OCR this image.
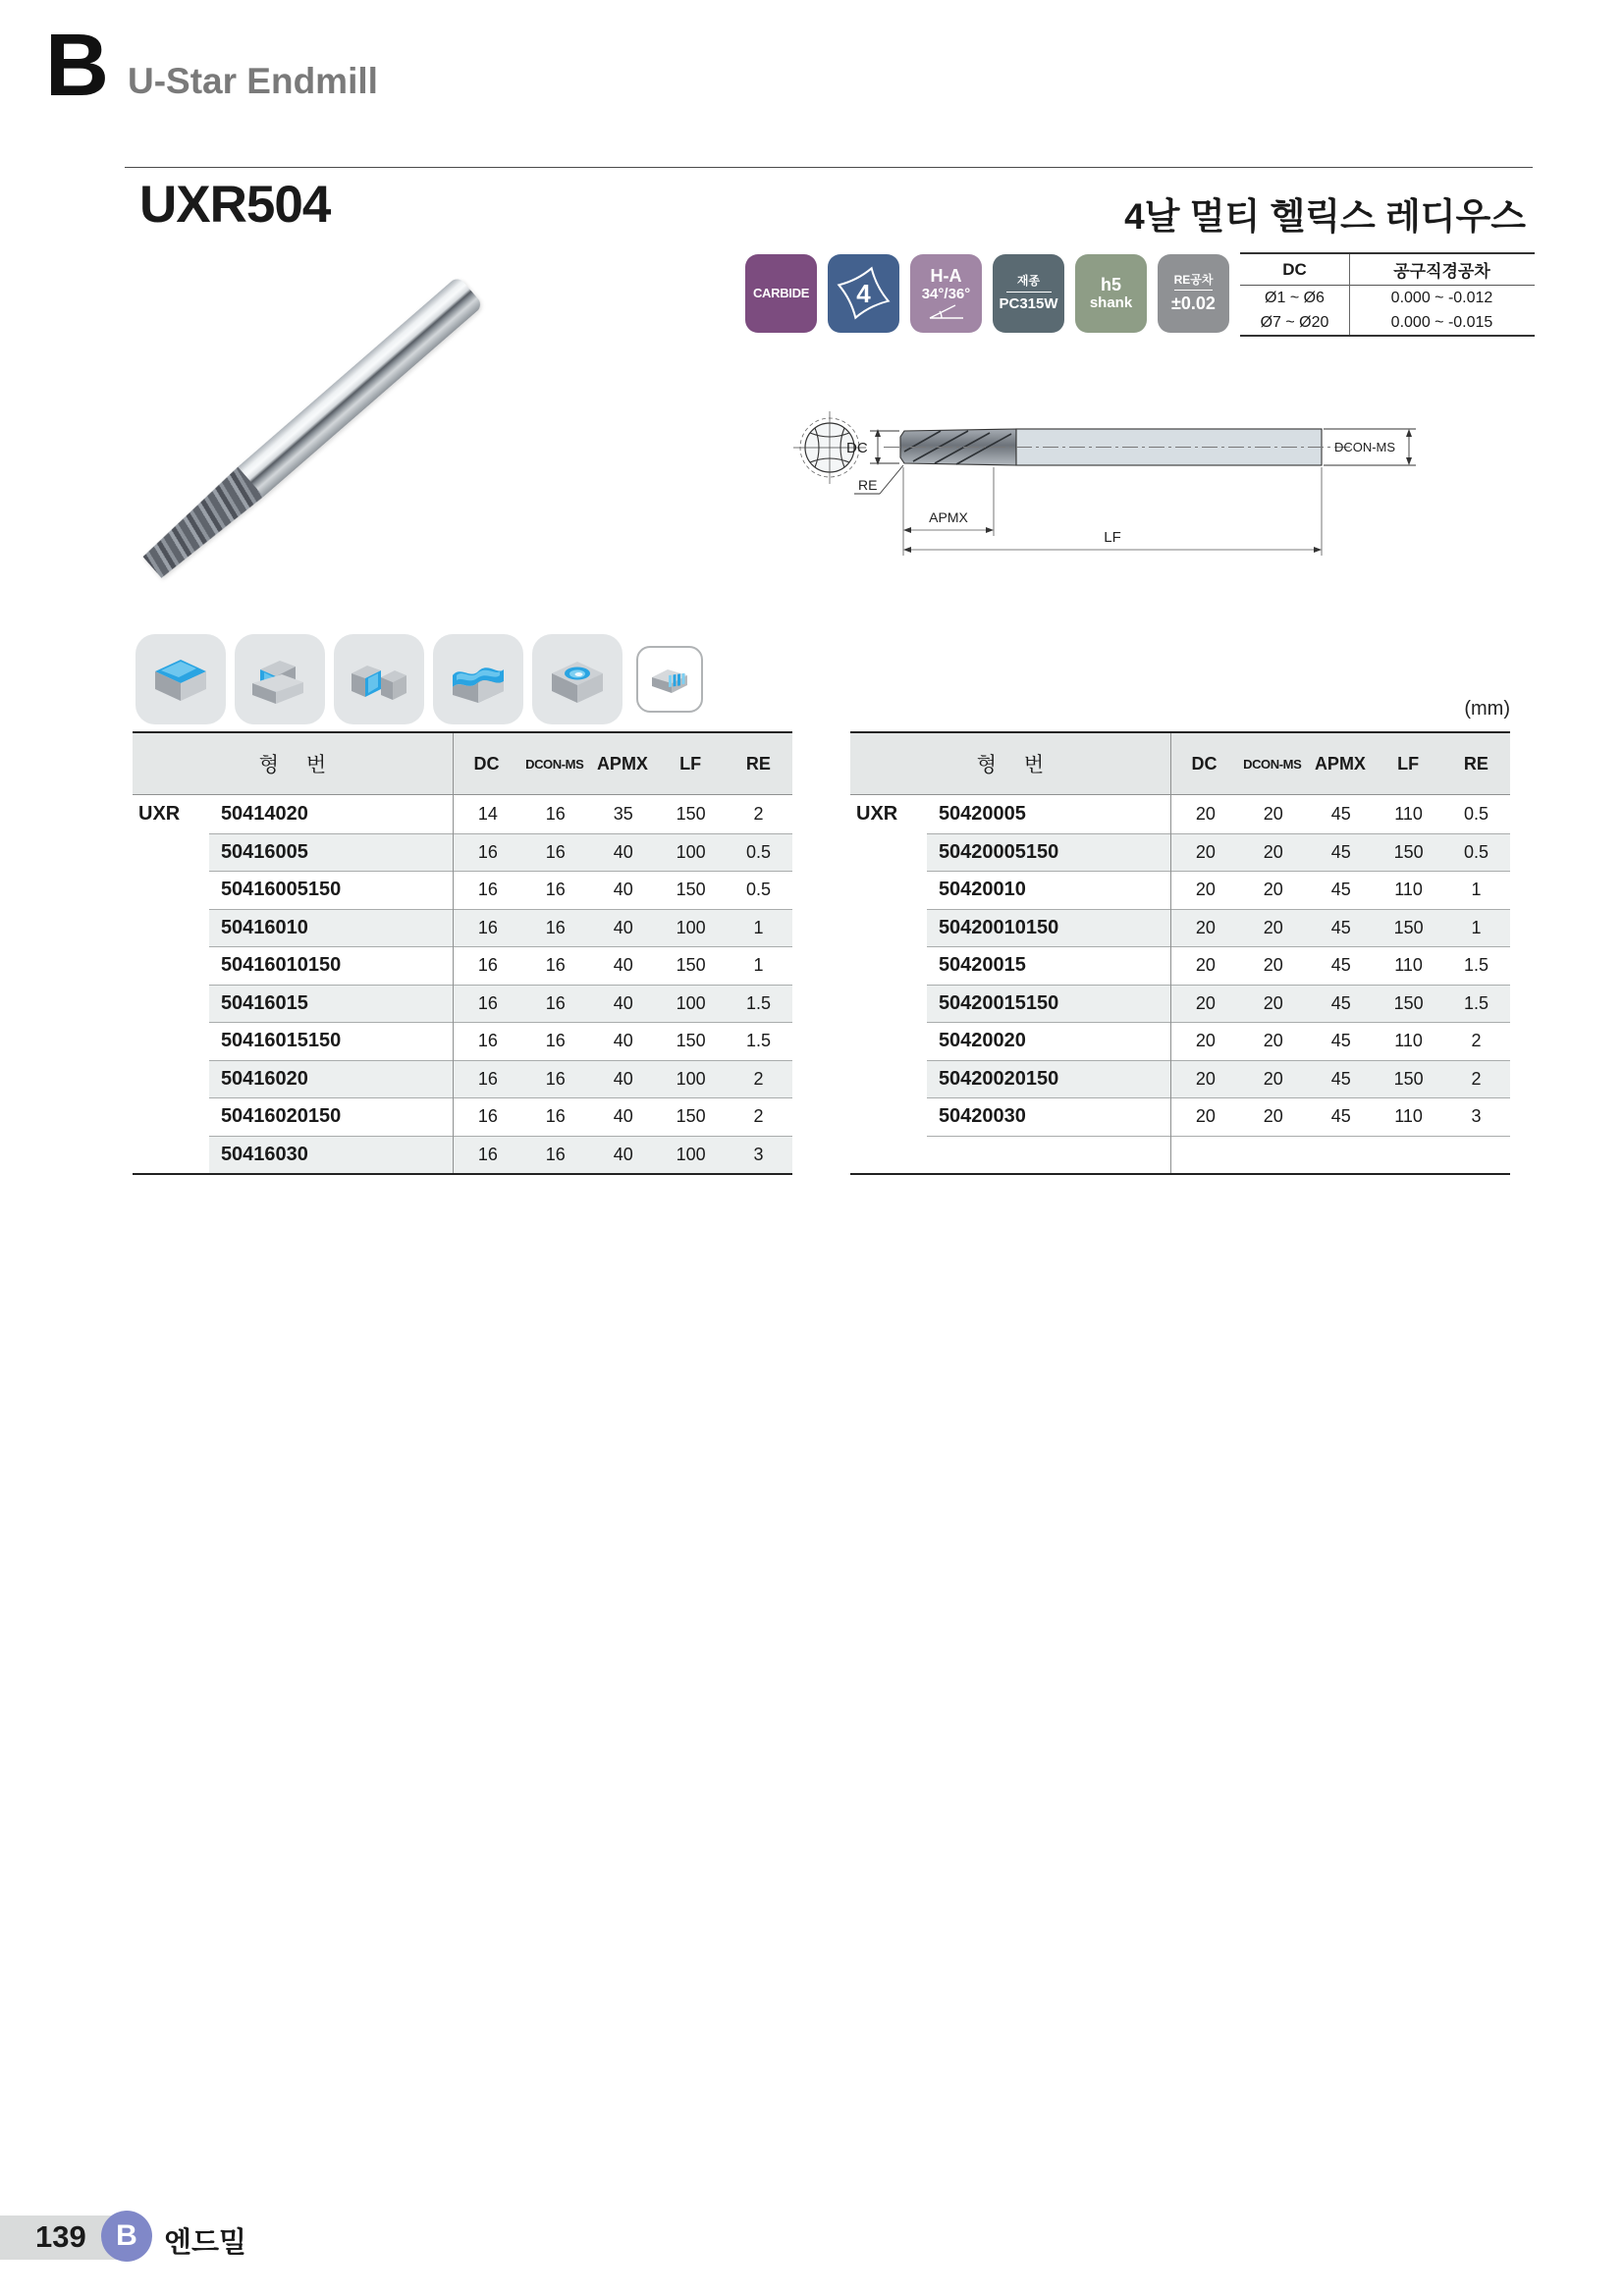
B U-Star Endmill
UXR504	4날 멀티 헬릭스 레디우스
CARBIDE 4
H-A
34°/36°
재종
PC315W
h5
shank
RE공차
±0.02
DC	공구직경공차
Ø1 ~ Ø6	0.000 ~ -0.012
Ø7 ~ Ø20	0.000 ~ -0.015
DC
RE
APMX
LF
DCON-MS
(mm)
형 번	DC	DCON-MS APMX	LF	RE
UXR	50414020	14	16	35	150	2
50416005	16	16	40	100	0.5
50416005150	16	16	40	150	0.5
50416010	16	16	40	100	1
50416010150	16	16	40	150	1
50416015	16	16	40	100	1.5
50416015150	16	16	40	150	1.5
50416020	16	16	40	100	2
50416020150	16	16	40	150	2
50416030	16	16	40	100	3
형 번	DC	DCON-MS APMX	LF	RE
UXR	50420005	20	20	45	110	0.5
50420005150	20	20	45	150	0.5
50420010	20	20	45	110	1
50420010150	20	20	45	150	1
50420015	20	20	45	110	1.5
50420015150	20	20	45	150	1.5
50420020	20	20	45	110	2
50420020150	20	20	45	150	2
50420030	20	20	45	110	3
139 B 엔드밀
